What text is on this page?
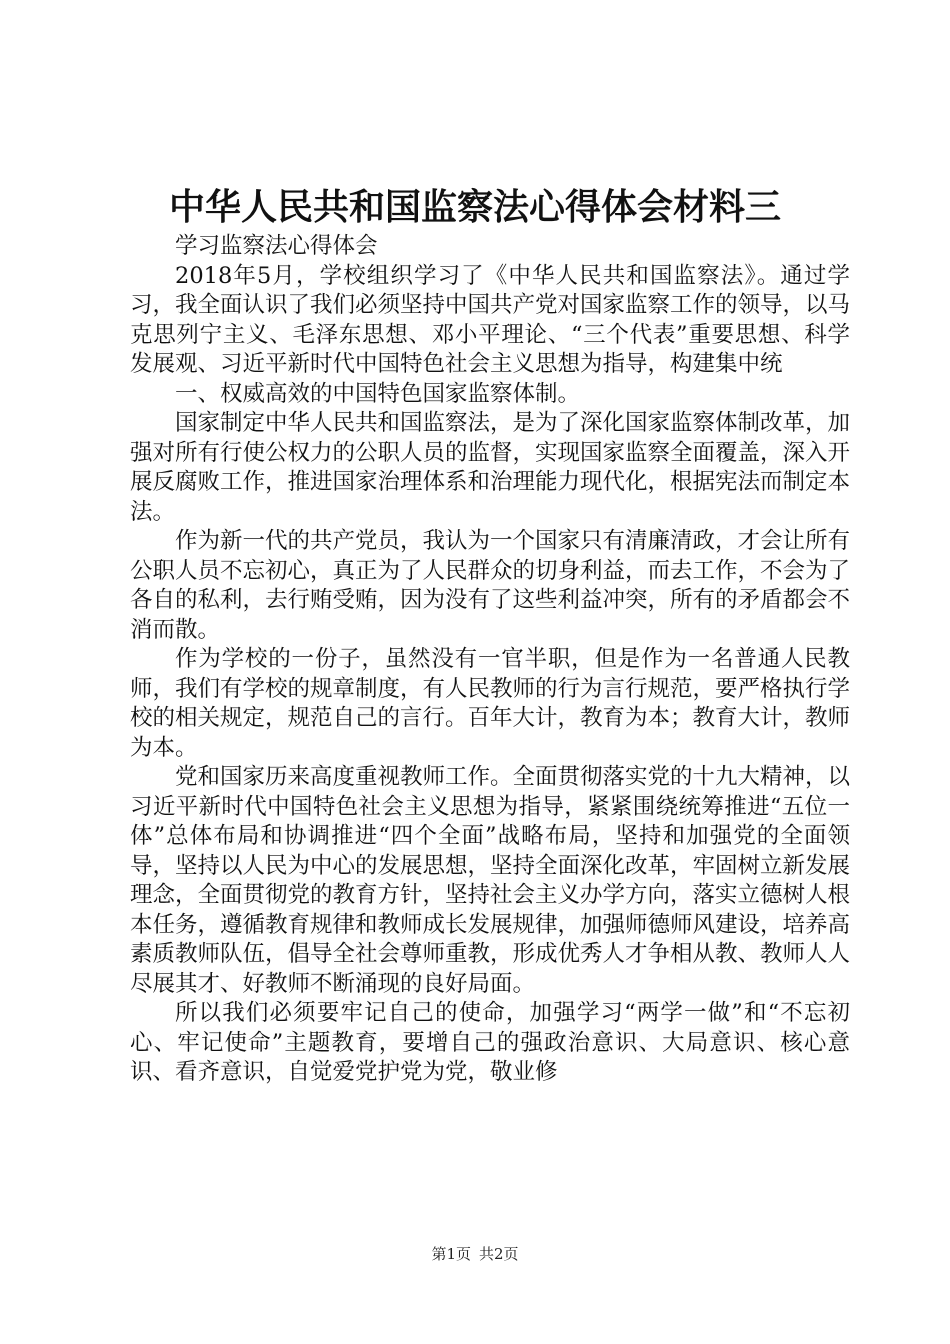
中华人民共和国监察法心得体会材料三

学习监察法心得体会

2018年5月，学校组织学习了《中华人民共和国监察法》。通过学习，我全面认识了我们必须坚持中国共产党对国家监察工作的领导，以马克思列宁主义、毛泽东思想、邓小平理论、“三个代表”重要思想、科学发展观、习近平新时代中国特色社会主义思想为指导，构建集中统

一、权威高效的中国特色国家监察体制。

国家制定中华人民共和国监察法，是为了深化国家监察体制改革，加强对所有行使公权力的公职人员的监督，实现国家监察全面覆盖，深入开展反腐败工作，推进国家治理体系和治理能力现代化，根据宪法而制定本法。

作为新一代的共产党员，我认为一个国家只有清廉清政，才会让所有公职人员不忘初心，真正为了人民群众的切身利益，而去工作，不会为了各自的私利，去行贿受贿，因为没有了这些利益冲突，所有的矛盾都会不消而散。

作为学校的一份子，虽然没有一官半职，但是作为一名普通人民教师，我们有学校的规章制度，有人民教师的行为言行规范，要严格执行学校的相关规定，规范自己的言行。百年大计，教育为本；教育大计，教师为本。

党和国家历来高度重视教师工作。全面贯彻落实党的十九大精神，以习近平新时代中国特色社会主义思想为指导，紧紧围绕统筹推进“五位一体”总体布局和协调推进“四个全面”战略布局，坚持和加强党的全面领导，坚持以人民为中心的发展思想，坚持全面深化改革，牢固树立新发展理念，全面贯彻党的教育方针，坚持社会主义办学方向，落实立德树人根本任务，遵循教育规律和教师成长发展规律，加强师德师风建设，培养高素质教师队伍，倡导全社会尊师重教，形成优秀人才争相从教、教师人人尽展其才、好教师不断涌现的良好局面。

所以我们必须要牢记自己的使命，加强学习“两学一做”和“不忘初心、牢记使命”主题教育，要增自己的强政治意识、大局意识、核心意识、看齐意识，自觉爱党护党为党，敬业修

第1页 共2页
